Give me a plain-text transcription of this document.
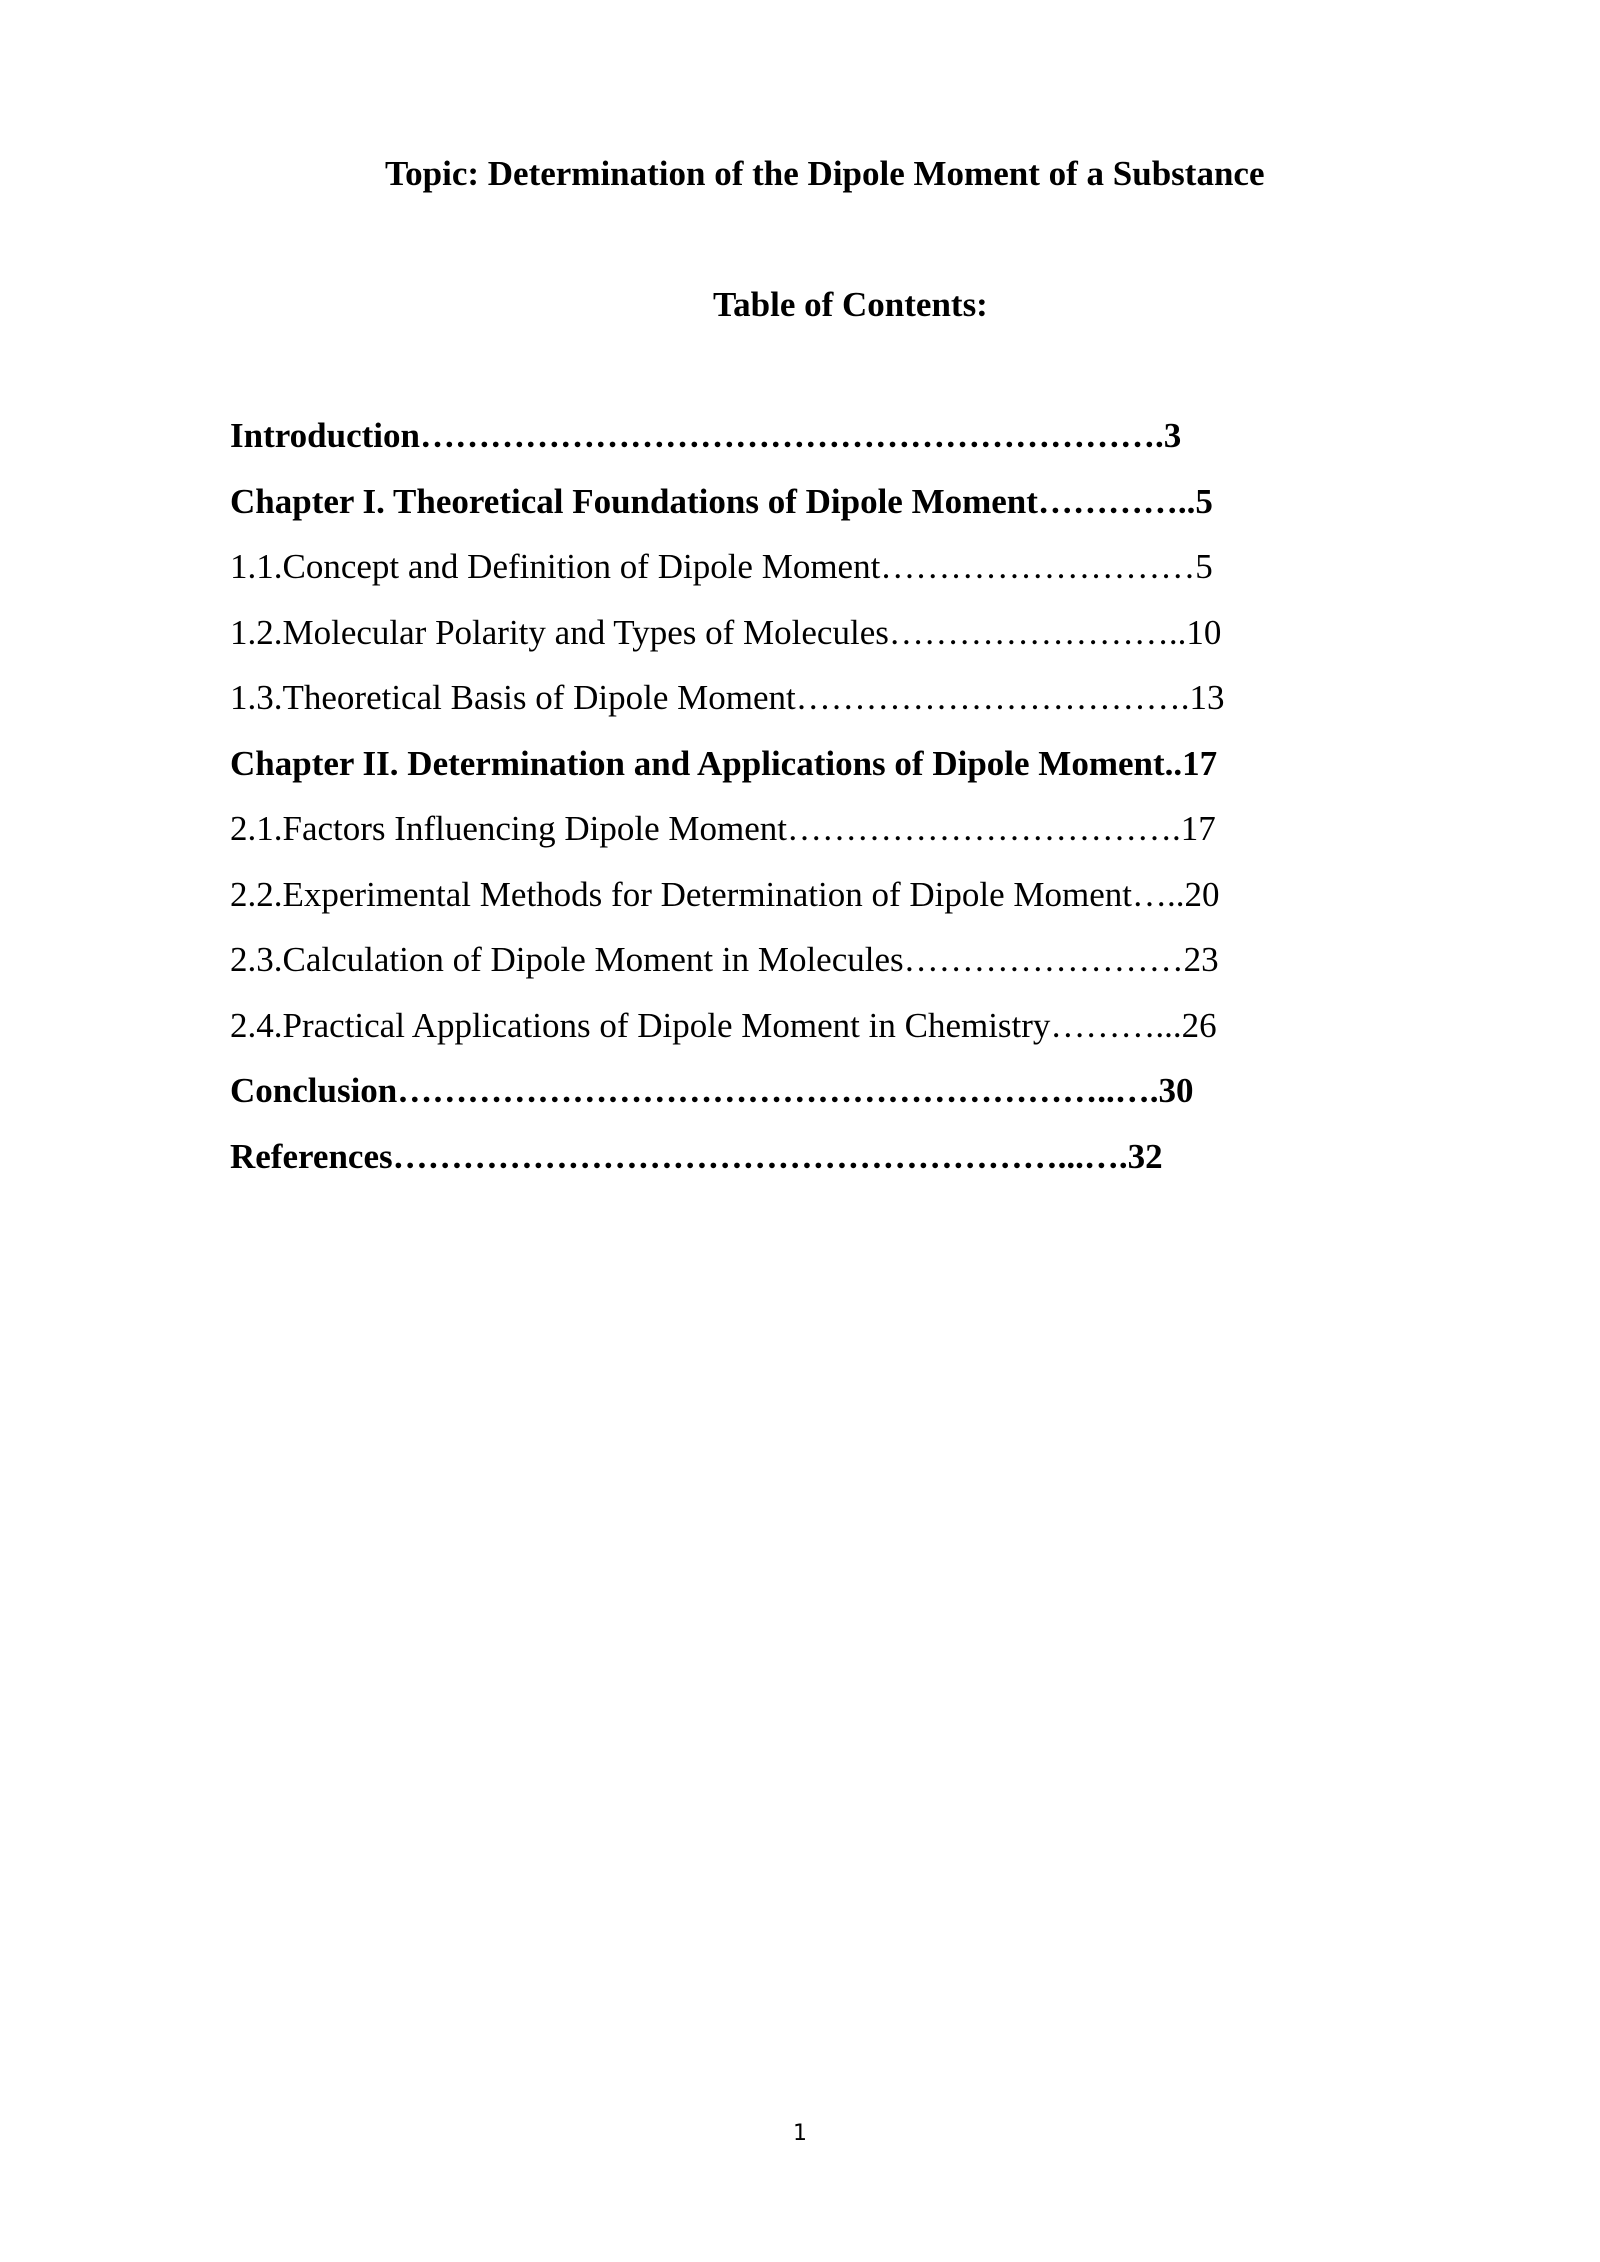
Topic: Determination of the Dipole Moment of a Substance
Table of Contents:
Introduction……………………………………………………….3
Chapter I. Theoretical Foundations of Dipole Moment…………..5
1.1.Concept and Definition of Dipole Moment………………………5
1.2.Molecular Polarity and Types of Molecules……………………..10
1.3.Theoretical Basis of Dipole Moment…………………………….13
Chapter II. Determination and Applications of Dipole Moment..17
2.1.Factors Influencing Dipole Moment…………………………….17
2.2.Experimental Methods for Determination of Dipole Moment…..20
2.3.Calculation of Dipole Moment in Molecules……………………23
2.4.Practical Applications of Dipole Moment in Chemistry………...26
Conclusion……………………………………………………..….30
References…………………………………………………...….32
1
